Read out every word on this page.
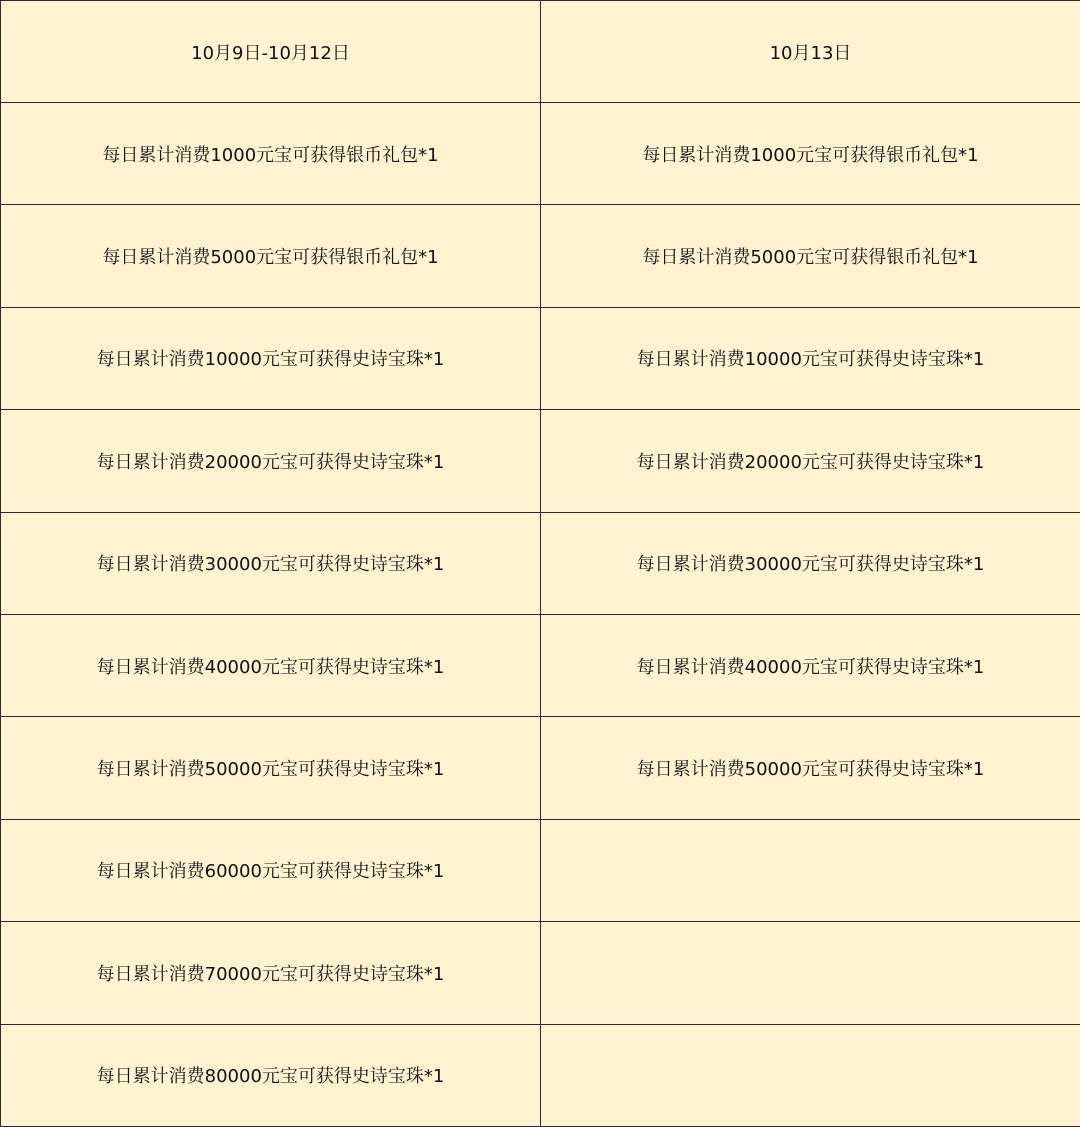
10月9日-10月12日	10月13日
每日累计消费1000元宝可获得银币礼包*1	每日累计消费1000元宝可获得银币礼包*1
每日累计消费5000元宝可获得银币礼包*1	每日累计消费5000元宝可获得银币礼包*1
每日累计消费10000元宝可获得史诗宝珠*1	每日累计消费10000元宝可获得史诗宝珠*1
每日累计消费20000元宝可获得史诗宝珠*1	每日累计消费20000元宝可获得史诗宝珠*1
每日累计消费30000元宝可获得史诗宝珠*1	每日累计消费30000元宝可获得史诗宝珠*1
每日累计消费40000元宝可获得史诗宝珠*1	每日累计消费40000元宝可获得史诗宝珠*1
每日累计消费50000元宝可获得史诗宝珠*1	每日累计消费50000元宝可获得史诗宝珠*1
每日累计消费60000元宝可获得史诗宝珠*1	
每日累计消费70000元宝可获得史诗宝珠*1	
每日累计消费80000元宝可获得史诗宝珠*1	
